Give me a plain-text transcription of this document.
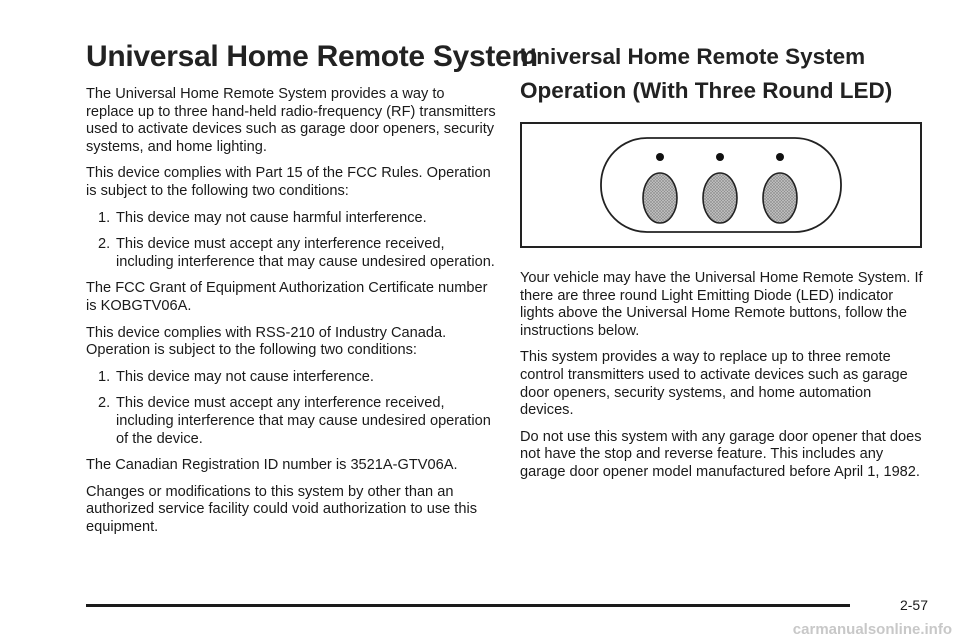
Universal Home Remote System

The Universal Home Remote System provides a way to replace up to three hand-held radio-frequency (RF) transmitters used to activate devices such as garage door openers, security systems, and home lighting.

This device complies with Part 15 of the FCC Rules. Operation is subject to the following two conditions:

1. This device may not cause harmful interference.
2. This device must accept any interference received, including interference that may cause undesired operation.

The FCC Grant of Equipment Authorization Certificate number is KOBGTV06A.

This device complies with RSS-210 of Industry Canada. Operation is subject to the following two conditions:

1. This device may not cause interference.
2. This device must accept any interference received, including interference that may cause undesired operation of the device.

The Canadian Registration ID number is 3521A-GTV06A.

Changes or modifications to this system by other than an authorized service facility could void authorization to use this equipment.

Universal Home Remote System Operation (With Three Round LED)

Your vehicle may have the Universal Home Remote System. If there are three round Light Emitting Diode (LED) indicator lights above the Universal Home Remote buttons, follow the instructions below.

This system provides a way to replace up to three remote control transmitters used to activate devices such as garage door openers, security systems, and home automation devices.

Do not use this system with any garage door opener that does not have the stop and reverse feature. This includes any garage door opener model manufactured before April 1, 1982.

2-57
carmanualsonline.info
